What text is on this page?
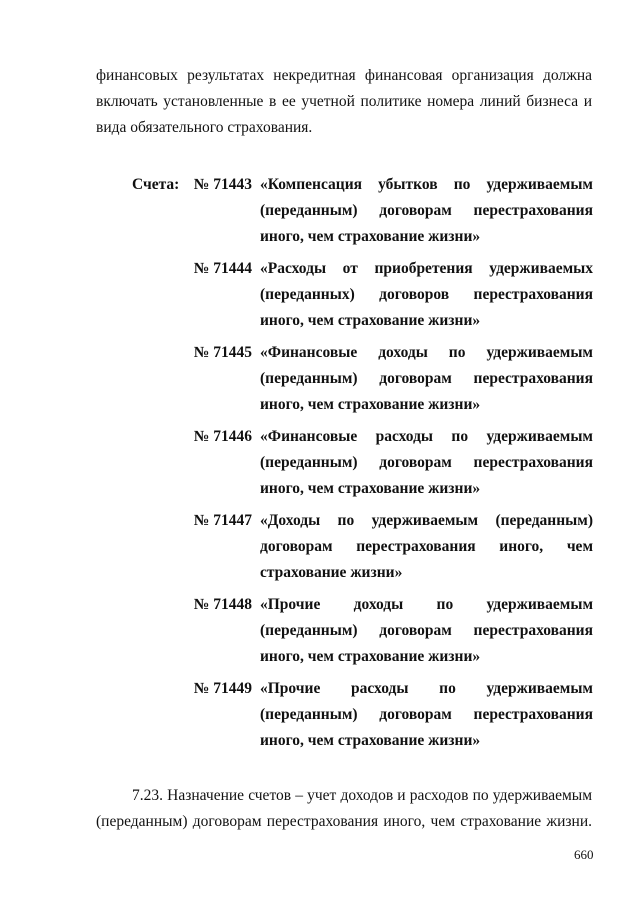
финансовых результатах некредитная финансовая организация должна включать установленные в ее учетной политике номера линий бизнеса и вида обязательного страхования.

Счета: № 71443 «Компенсация убытков по удерживаемым (переданным) договорам перестрахования иного, чем страхование жизни»

№ 71444 «Расходы от приобретения удерживаемых (переданных) договоров перестрахования иного, чем страхование жизни»

№ 71445 «Финансовые доходы по удерживаемым (переданным) договорам перестрахования иного, чем страхование жизни»

№ 71446 «Финансовые расходы по удерживаемым (переданным) договорам перестрахования иного, чем страхование жизни»

№ 71447 «Доходы по удерживаемым (переданным) договорам перестрахования иного, чем страхование жизни»

№ 71448 «Прочие доходы по удерживаемым (переданным) договорам перестрахования иного, чем страхование жизни»

№ 71449 «Прочие расходы по удерживаемым (переданным) договорам перестрахования иного, чем страхование жизни»

7.23. Назначение счетов – учет доходов и расходов по удерживаемым (переданным) договорам перестрахования иного, чем страхование жизни.

660
